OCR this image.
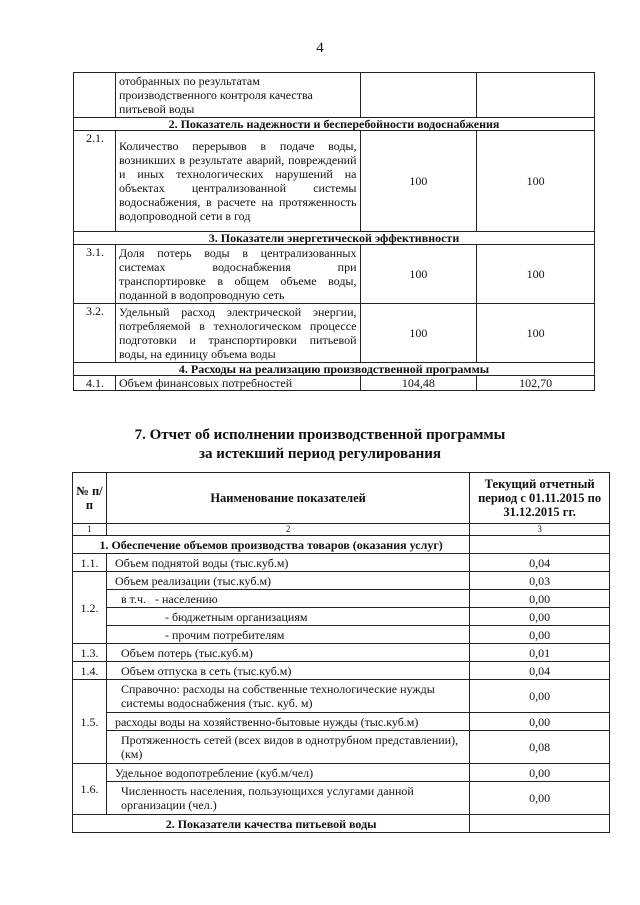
4
	отобранных по результатам производственного контроля качества питьевой воды		
2. Показатель надежности и бесперебойности водоснабжения			
2.1.	Количество перерывов в подаче воды, возникших в результате аварий, повреждений и иных технологических нарушений на объектах централизованной системы водоснабжения, в расчете на протяженность водопроводной сети в год	100	100
3. Показатели энергетической эффективности			
3.1.	Доля потерь воды в централизованных системах водоснабжения при транспортировке в общем объеме воды, поданной в водопроводную сеть	100	100
3.2.	Удельный расход электрической энергии, потребляемой в технологическом процессе подготовки и транспортировки питьевой воды, на единицу объема воды	100	100
4. Расходы на реализацию производственной программы			
4.1.	Объем финансовых потребностей	104,48	102,70
7. Отчет об исполнении производственной программы
за истекший период регулирования
№ п/п	Наименование показателей	Текущий отчетный период с 01.11.2015 по 31.12.2015 гг.
1	2	3
1. Обеспечение объемов производства товаров (оказания услуг)		
1.1.	Объем поднятой воды (тыс.куб.м)	0,04
1.2.	Объем реализации (тыс.куб.м)	0,03
	в т.ч.   - населению	0,00
	- бюджетным организациям	0,00
	- прочим потребителям	0,00
1.3.	Объем потерь (тыс.куб.м)	0,01
1.4.	Объем отпуска в сеть (тыс.куб.м)	0,04
1.5.	Справочно: расходы на собственные технологические нужды системы водоснабжения (тыс. куб. м)	0,00
	расходы воды на хозяйственно-бытовые нужды (тыс.куб.м)	0,00
	Протяженность сетей (всех видов в однотрубном представлении), (км)	0,08
1.6.	Удельное водопотребление (куб.м/чел)	0,00
	Численность населения, пользующихся услугами данной организации (чел.)	0,00
2. Показатели качества питьевой воды		
